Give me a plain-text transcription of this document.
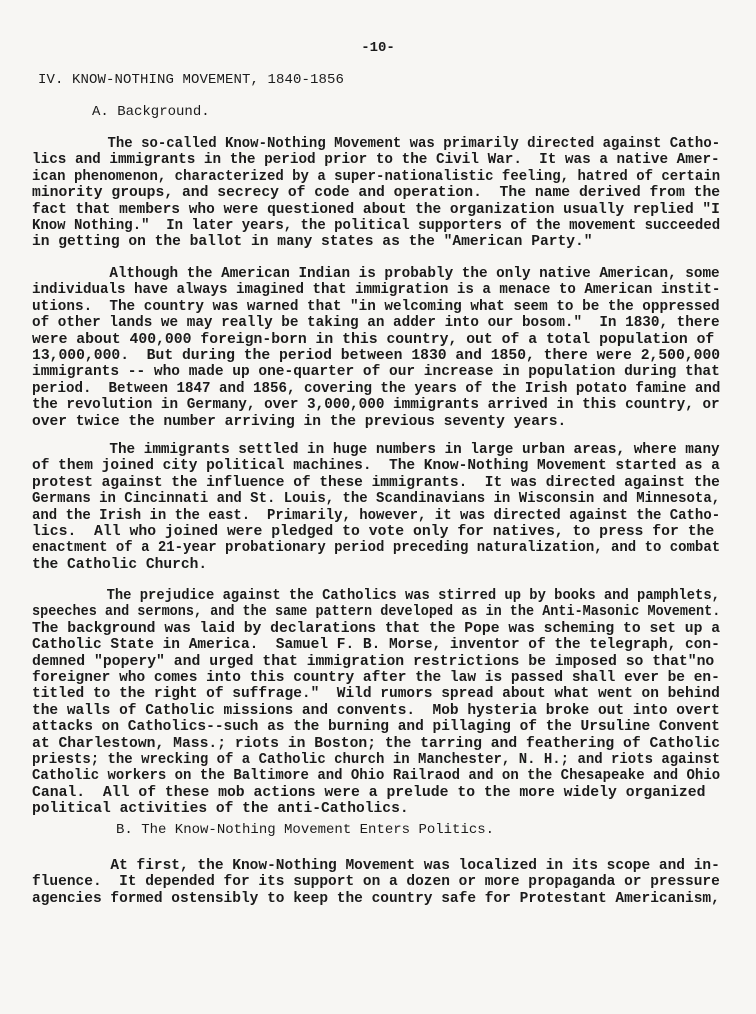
-10-
IV. KNOW-NOTHING MOVEMENT, 1840-1856
A. Background.
The so-called Know-Nothing Movement was primarily directed against Catho-
lics and immigrants in the period prior to the Civil War.  It was a native Amer-
ican phenomenon, characterized by a super-nationalistic feeling, hatred of certain
minority groups, and secrecy of code and operation.  The name derived from the
fact that members who were questioned about the organization usually replied "I
Know Nothing."  In later years, the political supporters of the movement succeeded
in getting on the ballot in many states as the "American Party."
Although the American Indian is probably the only native American, some
individuals have always imagined that immigration is a menace to American instit-
utions.  The country was warned that "in welcoming what seem to be the oppressed
of other lands we may really be taking an adder into our bosom."  In 1830, there
were about 400,000 foreign-born in this country, out of a total population of
13,000,000.  But during the period between 1830 and 1850, there were 2,500,000
immigrants -- who made up one-quarter of our increase in population during that
period.  Between 1847 and 1856, covering the years of the Irish potato famine and
the revolution in Germany, over 3,000,000 immigrants arrived in this country, or
over twice the number arriving in the previous seventy years.
The immigrants settled in huge numbers in large urban areas, where many
of them joined city political machines.  The Know-Nothing Movement started as a
protest against the influence of these immigrants.  It was directed against the
Germans in Cincinnati and St. Louis, the Scandinavians in Wisconsin and Minnesota,
and the Irish in the east.  Primarily, however, it was directed against the Catho-
lics.  All who joined were pledged to vote only for natives, to press for the
enactment of a 21-year probationary period preceding naturalization, and to combat
the Catholic Church.
The prejudice against the Catholics was stirred up by books and pamphlets,
speeches and sermons, and the same pattern developed as in the Anti-Masonic Movement.
The background was laid by declarations that the Pope was scheming to set up a
Catholic State in America.  Samuel F. B. Morse, inventor of the telegraph, con-
demned "popery" and urged that immigration restrictions be imposed so that"no
foreigner who comes into this country after the law is passed shall ever be en-
titled to the right of suffrage."  Wild rumors spread about what went on behind
the walls of Catholic missions and convents.  Mob hysteria broke out into overt
attacks on Catholics--such as the burning and pillaging of the Ursuline Convent
at Charlestown, Mass.; riots in Boston; the tarring and feathering of Catholic
priests; the wrecking of a Catholic church in Manchester, N. H.; and riots against
Catholic workers on the Baltimore and Ohio Railraod and on the Chesapeake and Ohio
Canal.  All of these mob actions were a prelude to the more widely organized
political activities of the anti-Catholics.
B. The Know-Nothing Movement Enters Politics.
At first, the Know-Nothing Movement was localized in its scope and in-
fluence.  It depended for its support on a dozen or more propaganda or pressure
agencies formed ostensibly to keep the country safe for Protestant Americanism,
